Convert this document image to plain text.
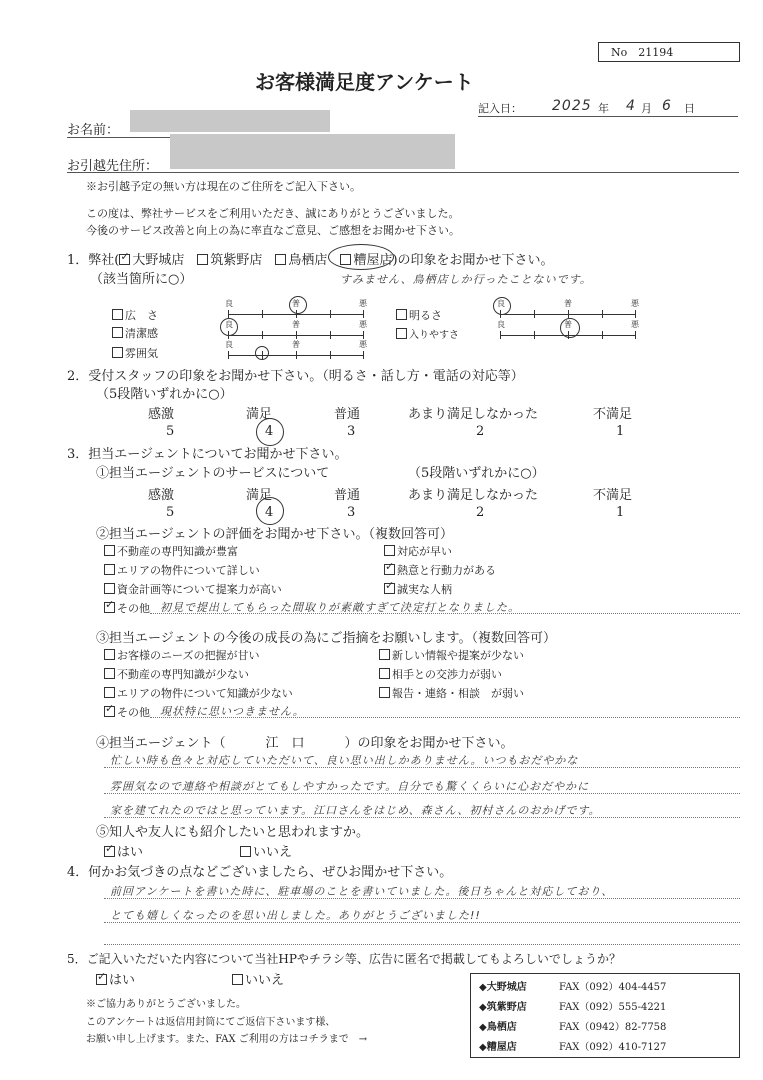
No　21194
お客様満足度アンケート
記入日： 2025 年 4 月 6 日
お名前：
お引越先住所：
※お引越予定の無い方は現在のご住所をご記入下さい。
この度は、弊社サービスをご利用いただき、誠にありがとうございました。
今後のサービス改善と向上の為に率直なご意見、ご感想をお聞かせ下さい。
1．弊社(✓ 大野城店　 筑紫野店　 鳥栖店　 糟屋店)の印象をお聞かせ下さい。
（該当箇所に○）	すみません、鳥栖店しか行ったことないです。
広　さ
清潔感
雰囲気
明るさ
入りやすさ
良	普	悪
良	普	悪
良	普	悪
良	普	悪
良	普	悪
2．受付スタッフの印象をお聞かせ下さい。（明るさ・話し方・電話の対応等）
（5段階いずれかに○）
感激	満足	普通	あまり満足しなかった	不満足
5	4	3	2	1
3．担当エージェントについてお聞かせ下さい。
①担当エージェントのサービスについて	（5段階いずれかに○）
感激	満足	普通	あまり満足しなかった	不満足
5	4	3	2	1
②担当エージェントの評価をお聞かせ下さい。（複数回答可）
不動産の専門知識が豊富
エリアの物件について詳しい
資金計画等について提案力が高い
対応が早い
✓熱意と行動力がある
✓誠実な人柄
✓その他 初見で提出してもらった間取りが素敵すぎて決定打となりました。
③担当エージェントの今後の成長の為にご指摘をお願いします。（複数回答可）
お客様のニーズの把握が甘い
不動産の専門知識が少ない
エリアの物件について知識が少ない
新しい情報や提案が少ない
相手との交渉力が弱い
報告・連絡・相談　が弱い
✓その他 現状特に思いつきません。
④担当エージェント（	江　口	）の印象をお聞かせ下さい。
忙しい時も色々と対応していただいて、良い思い出しかありません。いつもおだやかな
雰囲気なので連絡や相談がとてもしやすかったです。自分でも驚くくらいに心おだやかに
家を建てれたのではと思っています。江口さんをはじめ、森さん、初村さんのおかげです。
⑤知人や友人にも紹介したいと思われますか。
✓はい	いいえ
4．何かお気づきの点などございましたら、ぜひお聞かせ下さい。
前回アンケートを書いた時に、駐車場のことを書いていました。後日ちゃんと対応しており、
とても嬉しくなったのを思い出しました。ありがとうございました!!
5．ご記入いただいた内容について当社HPやチラシ等、広告に匿名で掲載してもよろしいでしょうか？
✓はい	いいえ
※ご協力ありがとうございました。
このアンケートは返信用封筒にてご返信下さいます様、
お願い申し上げます。また、FAX ご利用の方はコチラまで　 →
◆大野城店	FAX（092）404-4457
◆筑紫野店	FAX（092）555-4221
◆鳥栖店	FAX（0942）82-7758
◆糟屋店	FAX（092）410-7127
